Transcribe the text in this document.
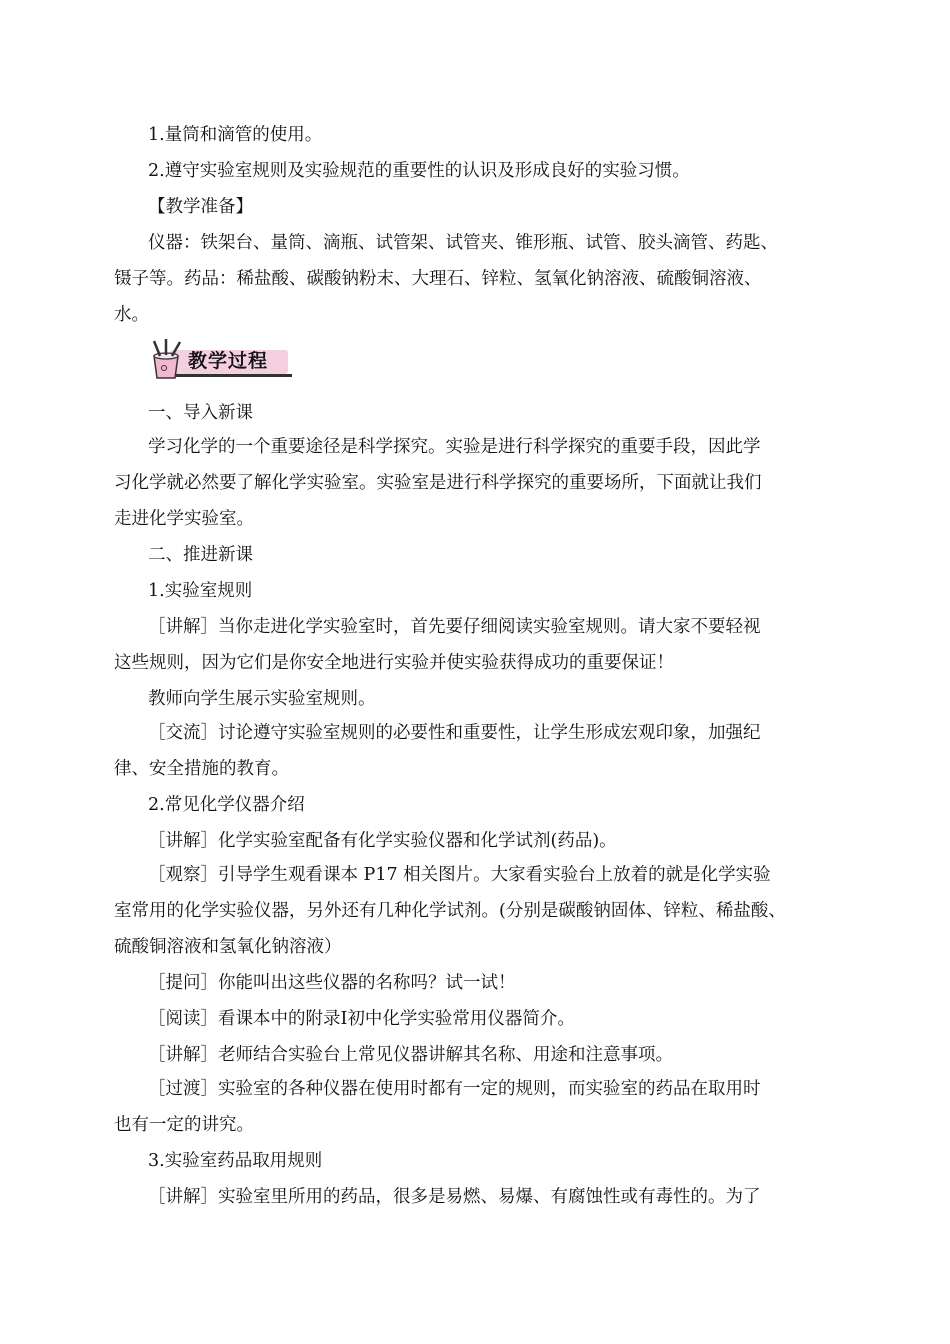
1.量筒和滴管的使用。

2.遵守实验室规则及实验规范的重要性的认识及形成良好的实验习惯。

【教学准备】

仪器：铁架台、量筒、滴瓶、试管架、试管夹、锥形瓶、试管、胶头滴管、药匙、

镊子等。药品：稀盐酸、碳酸钠粉末、大理石、锌粒、氢氧化钠溶液、硫酸铜溶液、

水。

教学过程

一、导入新课

学习化学的一个重要途径是科学探究。实验是进行科学探究的重要手段，因此学

习化学就必然要了解化学实验室。实验室是进行科学探究的重要场所，下面就让我们

走进化学实验室。

二、推进新课

1.实验室规则

［讲解］当你走进化学实验室时，首先要仔细阅读实验室规则。请大家不要轻视

这些规则，因为它们是你安全地进行实验并使实验获得成功的重要保证！

教师向学生展示实验室规则。

［交流］讨论遵守实验室规则的必要性和重要性，让学生形成宏观印象，加强纪

律、安全措施的教育。

2.常见化学仪器介绍

［讲解］化学实验室配备有化学实验仪器和化学试剂(药品)。

［观察］引导学生观看课本 P17 相关图片。大家看实验台上放着的就是化学实验

室常用的化学实验仪器，另外还有几种化学试剂。(分别是碳酸钠固体、锌粒、稀盐酸、

硫酸铜溶液和氢氧化钠溶液）

［提问］你能叫出这些仪器的名称吗？试一试！

［阅读］看课本中的附录Ⅰ初中化学实验常用仪器简介。

［讲解］老师结合实验台上常见仪器讲解其名称、用途和注意事项。

［过渡］实验室的各种仪器在使用时都有一定的规则，而实验室的药品在取用时

也有一定的讲究。

3.实验室药品取用规则

［讲解］实验室里所用的药品，很多是易燃、易爆、有腐蚀性或有毒性的。为了
